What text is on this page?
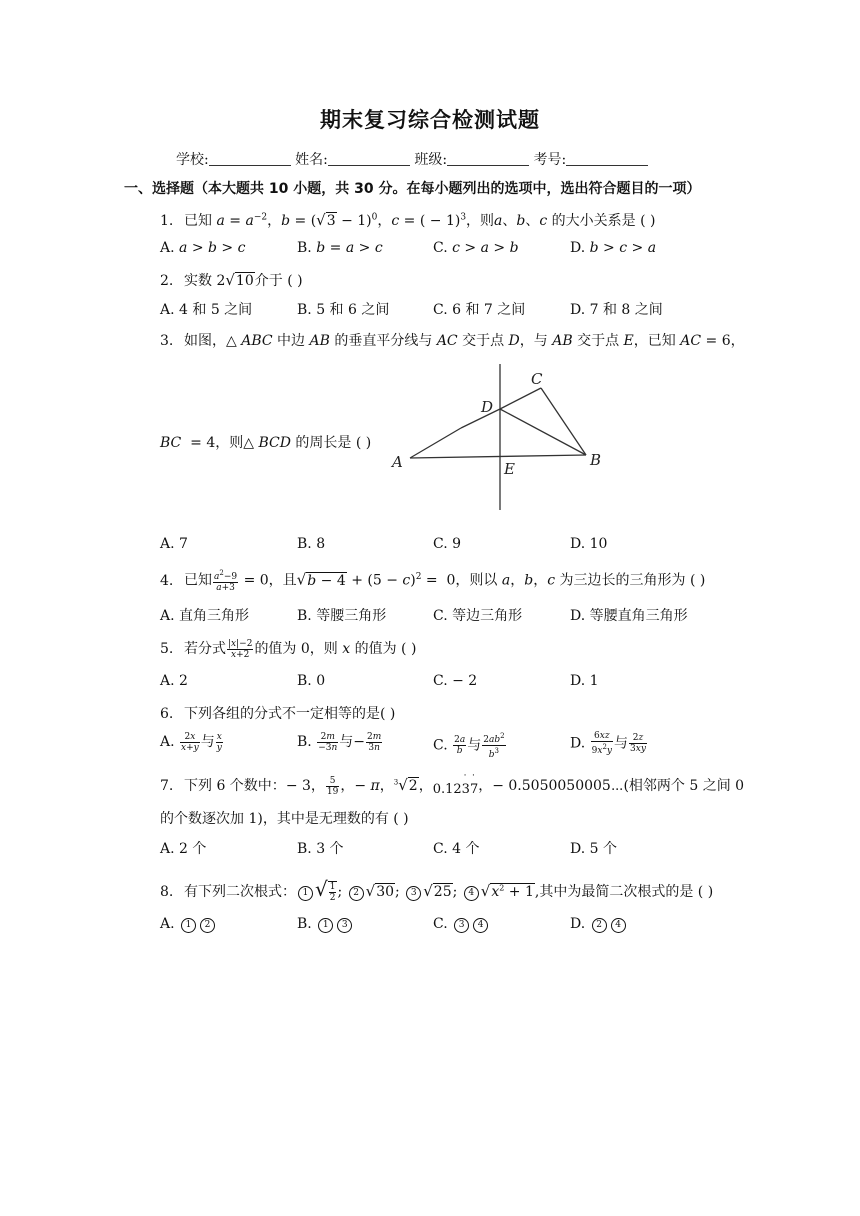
期末复习综合检测试题
学校:	姓名:	班级:	考号:
一、选择题（本大题共 10 小题，共 30 分。在每小题列出的选项中，选出符合题目的一项）
1. 已知 $a = a^{-2}$，$b = (√3 - 1)^0$，c = ( − 1)$^3$，则a、b、c 的大小关系是 ( )
A. a > b > c	B. b = a > c	C. c > a > b	D. b > c > a
2. 实数 2√10介于 ( )
A. 4 和 5 之间	B. 5 和 6 之间	C. 6 和 7 之间	D. 7 和 8 之间
3. 如图，△ ABC 中边 AB 的垂直平分线与 AC 交于点 D，与 AB 交于点 E，已知 AC = 6，
BC  = 4，则△ BCD 的周长是 ( )
A	B
C
D
E
A. 7	B. 8	C. 9	D. 10
4. 已知 $\frac{a^2-9}{a+3} = 0$，且$√b - 4 + (5 - c)^2 = 0$，则以 a，b，c 为三边长的三角形为 ( )
A. 直角三角形	B. 等腰三角形	C. 等边三角形	D. 等腰直角三角形
5. 若分式 $\frac{|x|-2}{x+2}$ 的值为 0，则 x 的值为 ( )
A. 2	B. 0	C. − 2	D. 1
6. 下列各组的分式不一定相等的是( )
A. $\frac{2x}{x+y}$ 与 $\frac{x}{y}$	B. $\frac{2m}{-3n}$ 与− $\frac{2m}{3n}$	C. $\frac{2a}{b}$ 与 $\frac{2ab^2}{b^3}$	D. $\frac{6xz}{9x^2y}$ 与 $\frac{2z}{3xy}$
7. 下列 6 个数中：− 3， $\frac{5}{19}$ ，− π，$^3$√2，0.123
·
7
·
，− 0.5050050005⋯(相邻两个 5 之间 0
的个数逐次加 1)，其中是无理数的有 ( )
A. 2 个	B. 3 个	C. 4 个	D. 5 个
8. 有下列二次根式： 1 √ $\frac{1}{2}$ ; 2 √30; 3 √25; 4 $√x^2 + 1$,其中为最简二次根式的是 ( )
A. 1 2	B. 1 3	C. 3 4	D. 2 4
